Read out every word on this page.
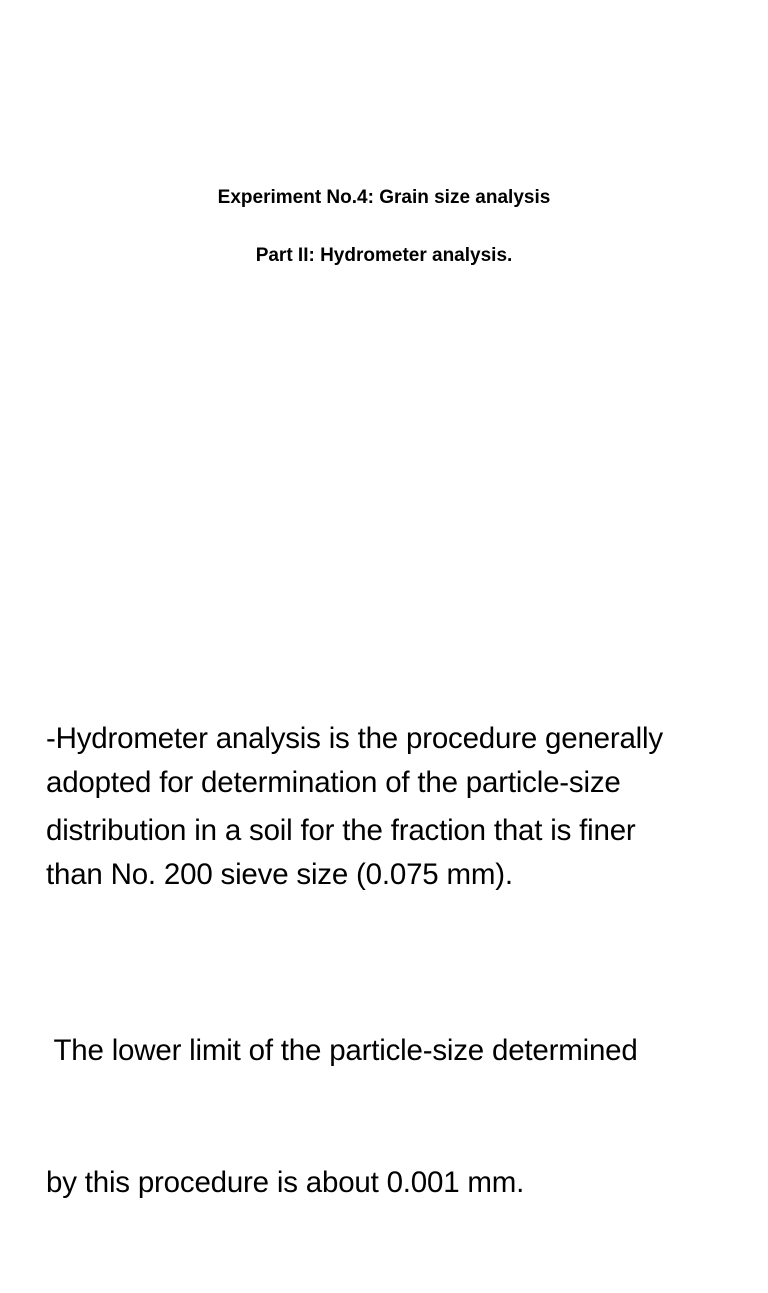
Experiment No.4: Grain size analysis
Part II: Hydrometer analysis.

-Hydrometer analysis is the procedure generally
adopted for determination of the particle-size
distribution in a soil for the fraction that is finer
than No. 200 sieve size (0.075 mm).

The lower limit of the particle-size determined

by this procedure is about 0.001 mm.
